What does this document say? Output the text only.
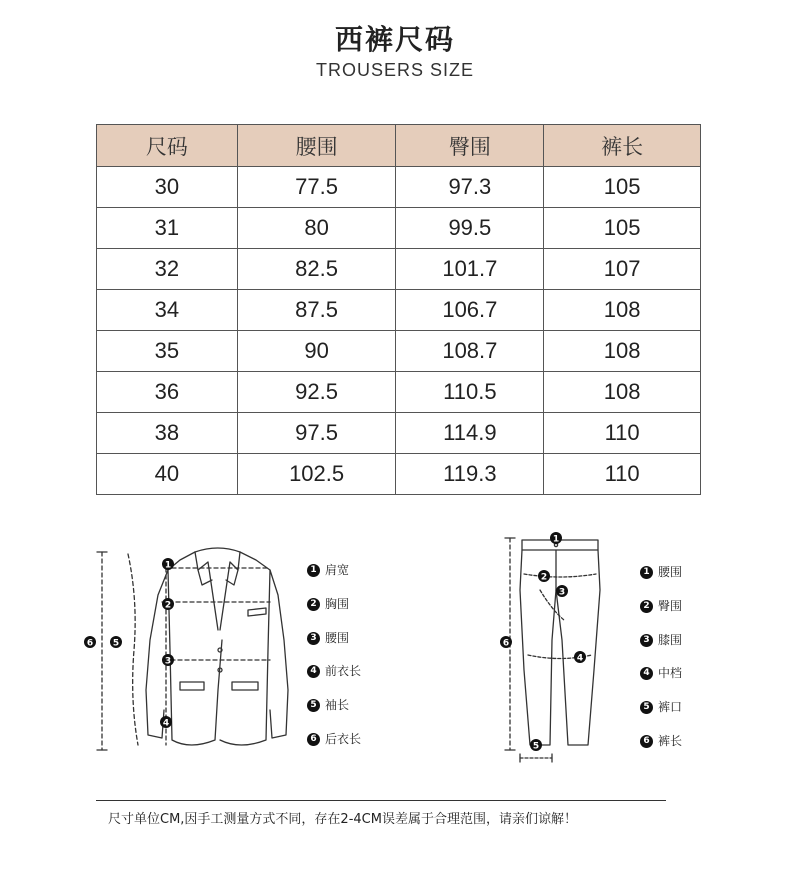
西裤尺码
TROUSERS SIZE
尺码	腰围	臀围	裤长
30	77.5	97.3	105
31	80	99.5	105
32	82.5	101.7	107
34	87.5	106.7	108
35	90	108.7	108
36	92.5	110.5	108
38	97.5	114.9	110
40	102.5	119.3	110
1
2
3
4
5
6
1 肩宽
2 胸围
3 腰围
4 前衣长
5 袖长
6 后衣长
1
2
3
4
5
6
1 腰围
2 臀围
3 膝围
4 中档
5 裤口
6 裤长
尺寸单位CM,因手工测量方式不同，存在2-4CM误差属于合理范围，请亲们谅解！
